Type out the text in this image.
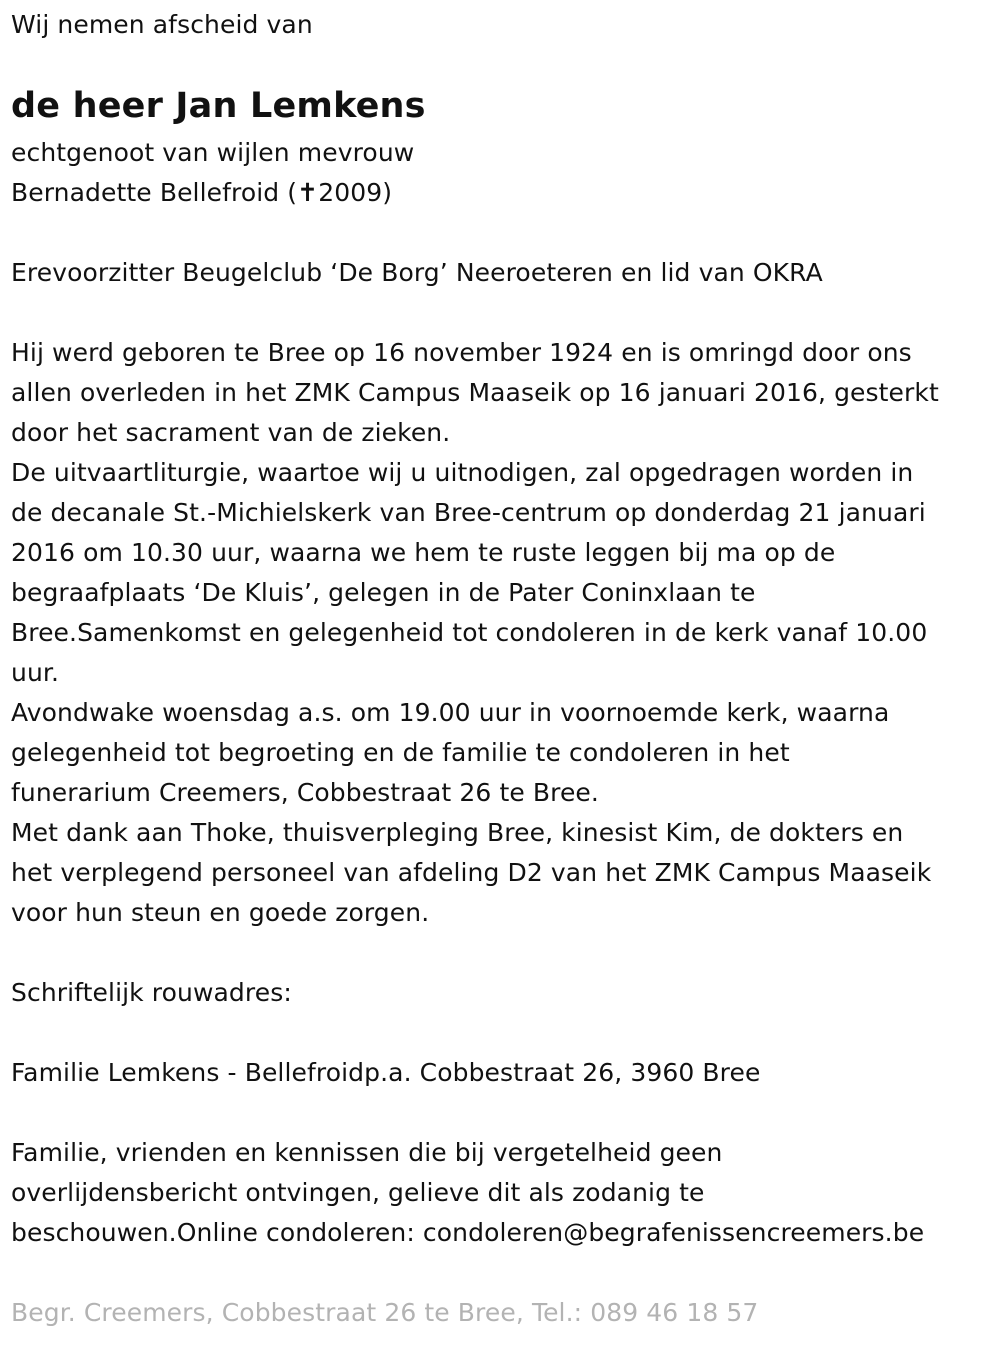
Wij nemen afscheid van
de heer Jan Lemkens
echtgenoot van wijlen mevrouw
Bernadette Bellefroid (✝2009)
Erevoorzitter Beugelclub ‘De Borg’ Neeroeteren en lid van OKRA
Hij werd geboren te Bree op 16 november 1924 en is omringd door ons
allen overleden in het ZMK Campus Maaseik op 16 januari 2016, gesterkt
door het sacrament van de zieken.
De uitvaartliturgie, waartoe wij u uitnodigen, zal opgedragen worden in
de decanale St.-Michielskerk van Bree-centrum op donderdag 21 januari
2016 om 10.30 uur, waarna we hem te ruste leggen bij ma op de
begraafplaats ‘De Kluis’, gelegen in de Pater Coninxlaan te
Bree.Samenkomst en gelegenheid tot condoleren in de kerk vanaf 10.00
uur.
Avondwake woensdag a.s. om 19.00 uur in voornoemde kerk, waarna
gelegenheid tot begroeting en de familie te condoleren in het
funerarium Creemers, Cobbestraat 26 te Bree.
Met dank aan Thoke, thuisverpleging Bree, kinesist Kim, de dokters en
het verplegend personeel van afdeling D2 van het ZMK Campus Maaseik
voor hun steun en goede zorgen.
Schriftelijk rouwadres:
Familie Lemkens - Bellefroidp.a. Cobbestraat 26, 3960 Bree
Familie, vrienden en kennissen die bij vergetelheid geen
overlijdensbericht ontvingen, gelieve dit als zodanig te
beschouwen.Online condoleren: condoleren@begrafenissencreemers.be
Begr. Creemers, Cobbestraat 26 te Bree, Tel.: 089 46 18 57
